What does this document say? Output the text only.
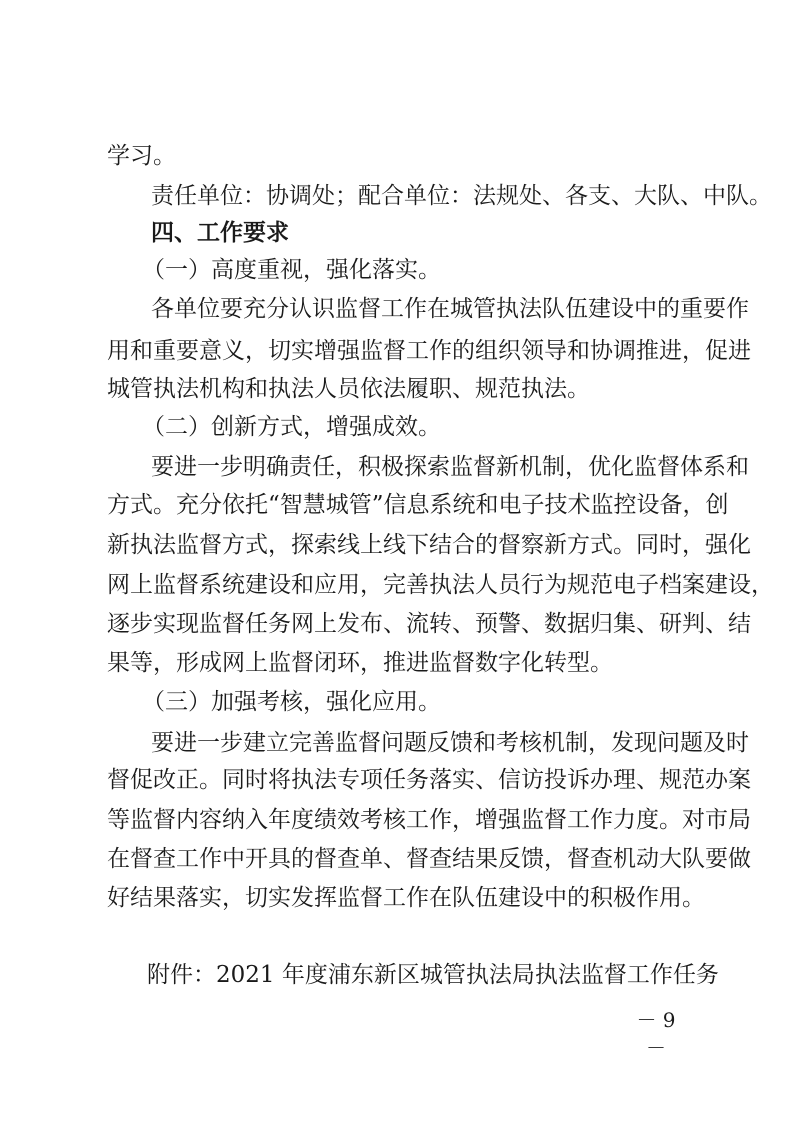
学习。
责任单位：协调处；配合单位：法规处、各支、大队、中队。
四、工作要求
（一）高度重视，强化落实。
各单位要充分认识监督工作在城管执法队伍建设中的重要作
用和重要意义，切实增强监督工作的组织领导和协调推进，促进
城管执法机构和执法人员依法履职、规范执法。
（二）创新方式，增强成效。
要进一步明确责任，积极探索监督新机制，优化监督体系和
方式。充分依托“智慧城管”信息系统和电子技术监控设备，创
新执法监督方式，探索线上线下结合的督察新方式。同时，强化
网上监督系统建设和应用，完善执法人员行为规范电子档案建设，
逐步实现监督任务网上发布、流转、预警、数据归集、研判、结
果等，形成网上监督闭环，推进监督数字化转型。
（三）加强考核，强化应用。
要进一步建立完善监督问题反馈和考核机制，发现问题及时
督促改正。同时将执法专项任务落实、信访投诉办理、规范办案
等监督内容纳入年度绩效考核工作，增强监督工作力度。对市局
在督查工作中开具的督查单、督查结果反馈，督查机动大队要做
好结果落实，切实发挥监督工作在队伍建设中的积极作用。
附件：2021 年度浦东新区城管执法局执法监督工作任务
－ 9 －
